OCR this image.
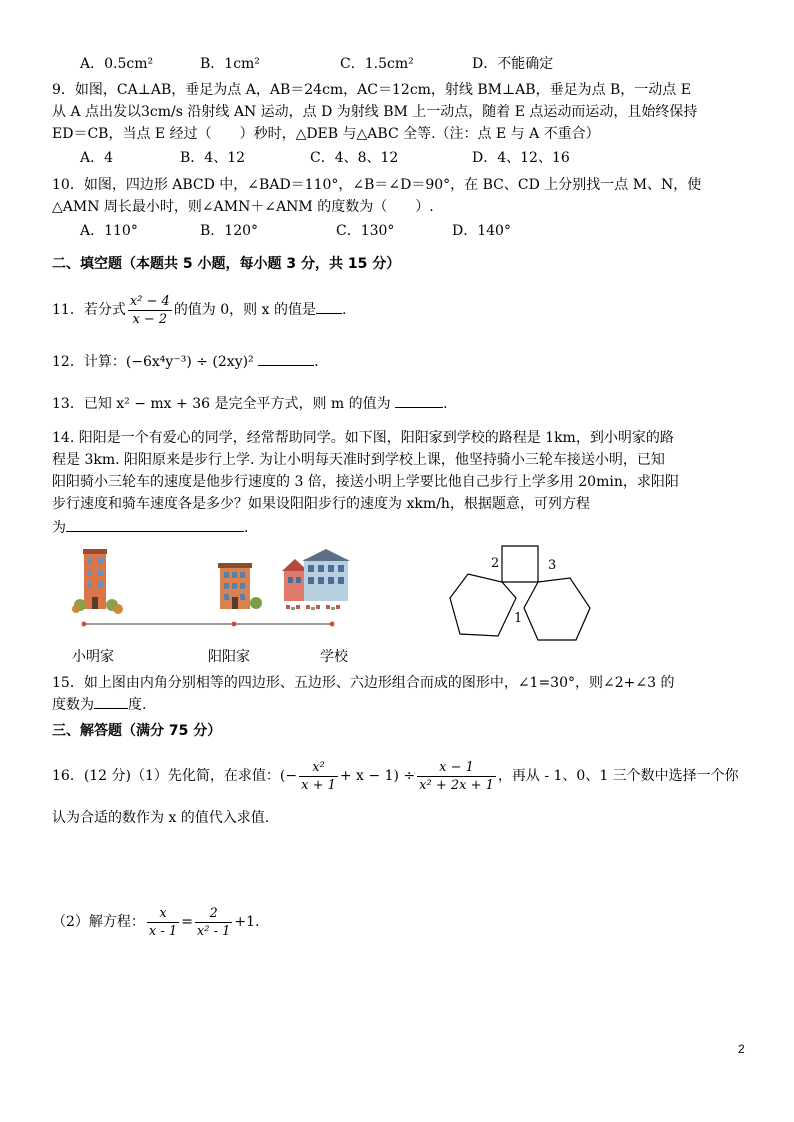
A．0.5cm²	B．1cm²	C．1.5cm²	D．不能确定
9．如图，CA⊥AB，垂足为点 A，AB＝24cm，AC＝12cm，射线 BM⊥AB，垂足为点 B，一动点 E
从 A 点出发以3cm/s 沿射线 AN 运动，点 D 为射线 BM 上一动点，随着 E 点运动而运动，且始终保持
ED＝CB，当点 E 经过（　　）秒时，△DEB 与△ABC 全等.（注：点 E 与 A 不重合）
A．4	B．4、12	C．4、8、12	D．4、12、16
10．如图，四边形 ABCD 中，∠BAD＝110°，∠B＝∠D＝90°，在 BC、CD 上分别找一点 M、N，使
△AMN 周长最小时，则∠AMN＋∠ANM 的度数为（　　）.
A．110°	B．120°	C．130°	D．140°
二、填空题（本题共 5 小题，每小题 3 分，共 15 分）
11．若分式 $\frac{\text{x² − 4}}{x - 2}$ 的值为 0，则 x 的值是 .
12．计算：(−6x⁴y⁻³) ÷ (2xy)²	.
13．已知 x² − mx + 36 是完全平方式，则 m 的值为	.
14. 阳阳是一个有爱心的同学，经常帮助同学。如下图，阳阳家到学校的路程是 1km，到小明家的路
程是 3km. 阳阳原来是步行上学. 为让小明每天准时到学校上课，他坚持骑小三轮车接送小明，已知
阳阳骑小三轮车的速度是他步行速度的 3 倍，接送小明上学要比他自己步行上学多用 20min，求阳阳
步行速度和骑车速度各是多少？如果设阳阳步行的速度为 xkm/h，根据题意，可列方程
为	.
小明家	阳阳家	学校
2	3
1
15．如上图由内角分别相等的四边形、五边形、六边形组合而成的图形中，∠1=30°，则∠2+∠3 的
度数为 度.
三、解答题（满分 75 分）
16．(12 分)（1）先化简，在求值：(− $\frac{\text{x²}}{x + 1} + x - 1) \div \frac{x - 1}{\text{x² + 2x + 1}}$ ，再从 - 1、0、1 三个数中选择一个你
认为合适的数作为 x 的值代入求值.
（2）解方程： $\frac{x}{x - 1} = \frac{2}{\text{x² - 1}} +1$.
2
